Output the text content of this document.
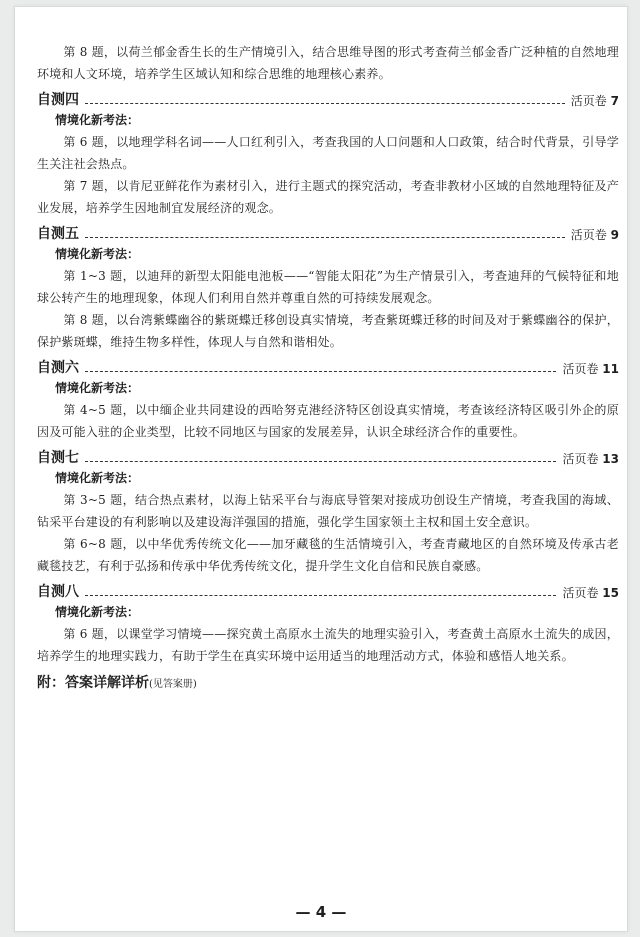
第 8 题，以荷兰郁金香生长的生产情境引入，结合思维导图的形式考查荷兰郁金香广泛种植的自然地理环境和人文环境，培养学生区域认知和综合思维的地理核心素养。

自测四	活页卷 7
情境化新考法：

第 6 题，以地理学科名词——人口红利引入，考查我国的人口问题和人口政策，结合时代背景，引导学生关注社会热点。

第 7 题，以肯尼亚鲜花作为素材引入，进行主题式的探究活动，考查非教材小区域的自然地理特征及产业发展，培养学生因地制宜发展经济的观念。

自测五	活页卷 9
情境化新考法：

第 1~3 题，以迪拜的新型太阳能电池板——“智能太阳花”为生产情景引入，考查迪拜的气候特征和地球公转产生的地理现象，体现人们利用自然并尊重自然的可持续发展观念。

第 8 题，以台湾紫蝶幽谷的紫斑蝶迁移创设真实情境，考查紫斑蝶迁移的时间及对于紫蝶幽谷的保护，保护紫斑蝶，维持生物多样性，体现人与自然和谐相处。

自测六	活页卷 11
情境化新考法：

第 4~5 题，以中缅企业共同建设的西哈努克港经济特区创设真实情境，考查该经济特区吸引外企的原因及可能入驻的企业类型，比较不同地区与国家的发展差异，认识全球经济合作的重要性。

自测七	活页卷 13
情境化新考法：

第 3~5 题，结合热点素材，以海上钻采平台与海底导管架对接成功创设生产情境，考查我国的海域、钻采平台建设的有利影响以及建设海洋强国的措施，强化学生国家领土主权和国土安全意识。

第 6~8 题，以中华优秀传统文化——加牙藏毯的生活情境引入，考查青藏地区的自然环境及传承古老藏毯技艺，有利于弘扬和传承中华优秀传统文化，提升学生文化自信和民族自豪感。

自测八	活页卷 15
情境化新考法：

第 6 题，以课堂学习情境——探究黄土高原水土流失的地理实验引入，考查黄土高原水土流失的成因，培养学生的地理实践力，有助于学生在真实环境中运用适当的地理活动方式，体验和感悟人地关系。

附：答案详解详析(见答案册)
— 4 —
